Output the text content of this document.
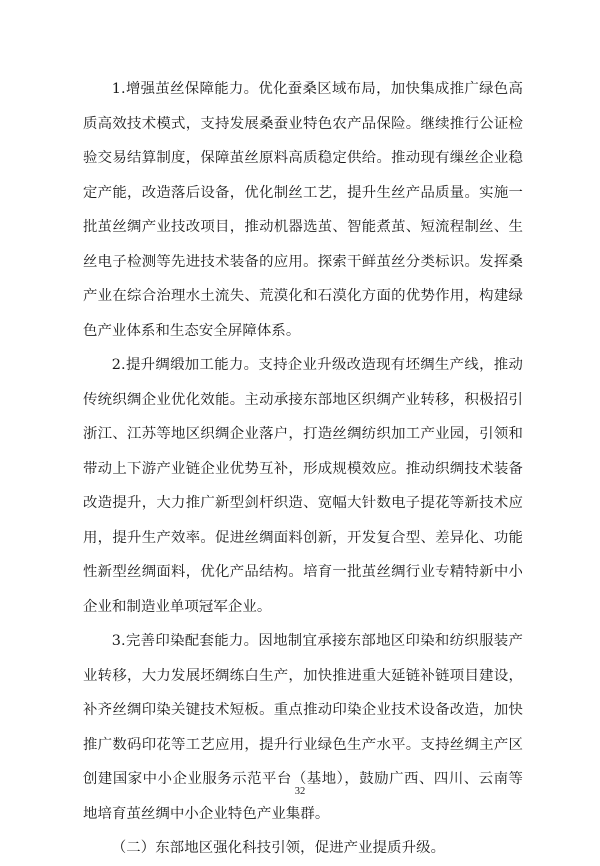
1.增强茧丝保障能力。优化蚕桑区域布局，加快集成推广绿色高质高效技术模式，支持发展桑蚕业特色农产品保险。继续推行公证检验交易结算制度，保障茧丝原料高质稳定供给。推动现有缫丝企业稳定产能，改造落后设备，优化制丝工艺，提升生丝产品质量。实施一批茧丝绸产业技改项目，推动机器选茧、智能煮茧、短流程制丝、生丝电子检测等先进技术装备的应用。探索干鲜茧丝分类标识。发挥桑产业在综合治理水土流失、荒漠化和石漠化方面的优势作用，构建绿色产业体系和生态安全屏障体系。

2.提升绸缎加工能力。支持企业升级改造现有坯绸生产线，推动传统织绸企业优化效能。主动承接东部地区织绸产业转移，积极招引浙江、江苏等地区织绸企业落户，打造丝绸纺织加工产业园，引领和带动上下游产业链企业优势互补，形成规模效应。推动织绸技术装备改造提升，大力推广新型剑杆织造、宽幅大针数电子提花等新技术应用，提升生产效率。促进丝绸面料创新，开发复合型、差异化、功能性新型丝绸面料，优化产品结构。培育一批茧丝绸行业专精特新中小企业和制造业单项冠军企业。

3.完善印染配套能力。因地制宜承接东部地区印染和纺织服装产业转移，大力发展坯绸练白生产，加快推进重大延链补链项目建设，补齐丝绸印染关键技术短板。重点推动印染企业技术设备改造，加快推广数码印花等工艺应用，提升行业绿色生产水平。支持丝绸主产区创建国家中小企业服务示范平台（基地），鼓励广西、四川、云南等地培育茧丝绸中小企业特色产业集群。

（二）东部地区强化科技引领，促进产业提质升级。

32
